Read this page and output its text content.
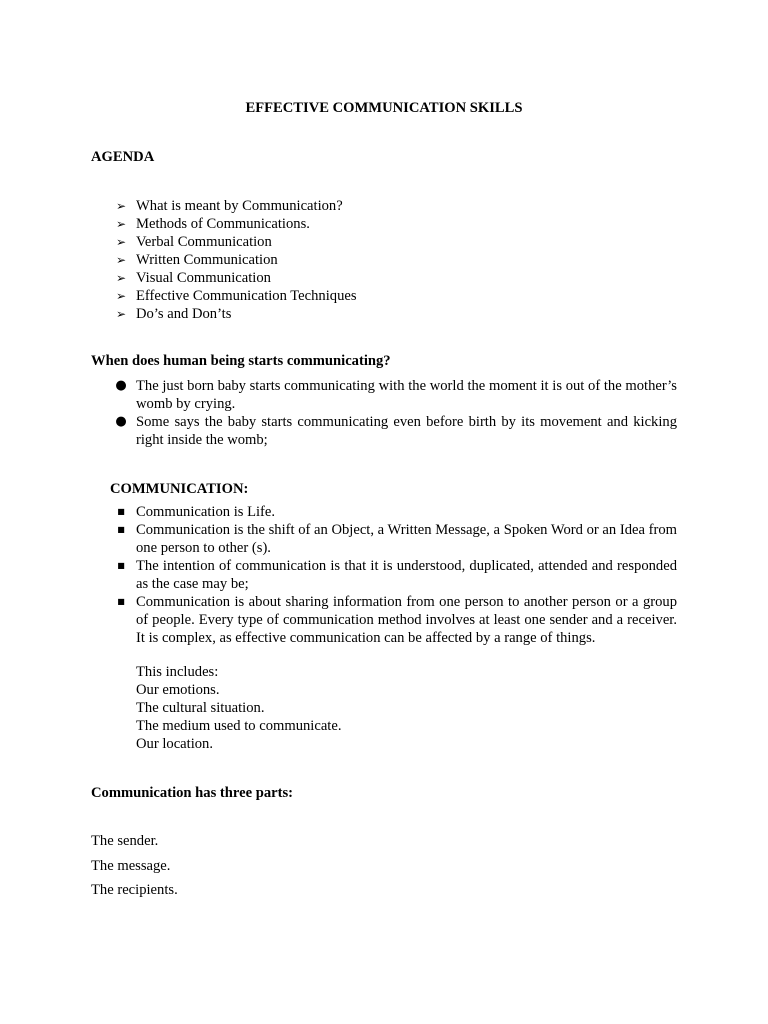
EFFECTIVE COMMUNICATION SKILLS
AGENDA
➢ What is meant by Communication?
➢ Methods of Communications.
➢ Verbal Communication
➢ Written Communication
➢ Visual Communication
➢ Effective Communication Techniques
➢ Do’s and Don’ts
When does human being starts communicating?
● The just born baby starts communicating with the world the moment it is out of the mother’s womb by crying.
● Some says the baby starts communicating even before birth by its movement and kicking right inside the womb;
COMMUNICATION:
■ Communication is Life.
■ Communication is the shift of an Object, a Written Message, a Spoken Word or an Idea from one person to other (s).
■ The intention of communication is that it is understood, duplicated, attended and responded as the case may be;
■ Communication is about sharing information from one person to another person or a group of people. Every type of communication method involves at least one sender and a receiver. It is complex, as effective communication can be affected by a range of things.
This includes:
Our emotions.
The cultural situation.
The medium used to communicate.
Our location.
Communication has three parts:
The sender.
The message.
The recipients.
